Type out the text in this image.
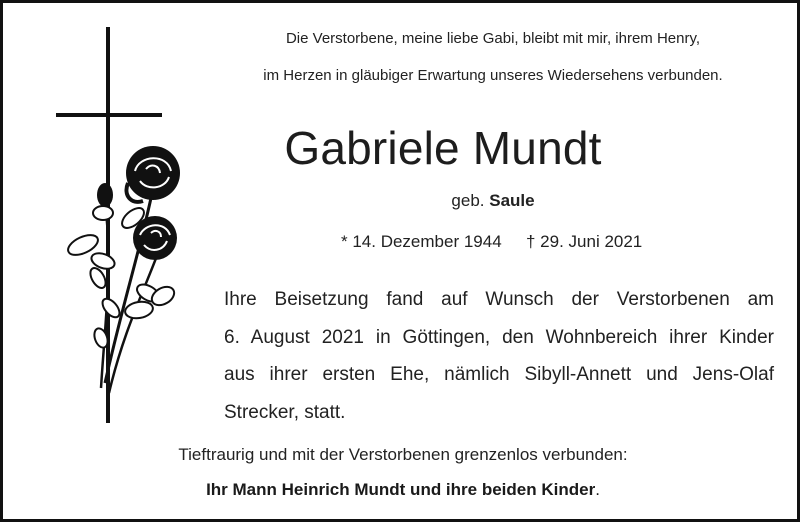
Die Verstorbene, meine liebe Gabi, bleibt mit mir, ihrem Henry,
im Herzen in gläubiger Erwartung unseres Wiedersehens verbunden.
Gabriele Mundt
geb. Saule
* 14. Dezember 1944 † 29. Juni 2021
Ihre Beisetzung fand auf Wunsch der Verstorbenen am
6. August 2021 in Göttingen, den Wohnbereich ihrer Kinder
aus ihrer ersten Ehe, nämlich Sibyll-Annett und Jens-Olaf
Strecker, statt.
Tieftraurig und mit der Verstorbenen grenzenlos verbunden:
Ihr Mann Heinrich Mundt und ihre beiden Kinder.
